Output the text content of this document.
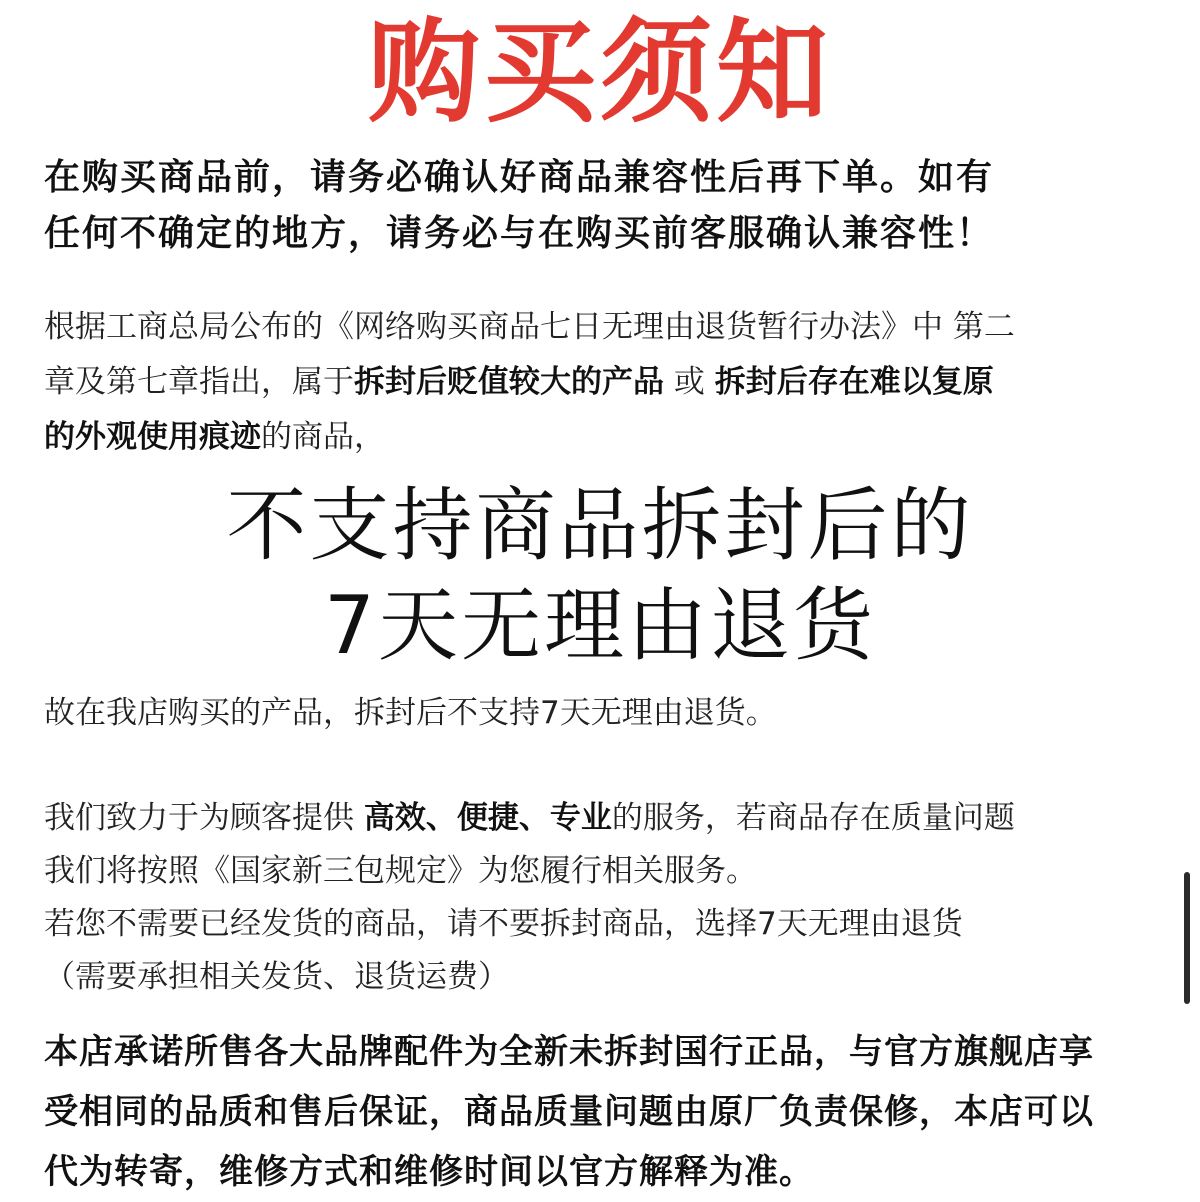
购买须知
在购买商品前，请务必确认好商品兼容性后再下单。如有
任何不确定的地方，请务必与在购买前客服确认兼容性！
根据工商总局公布的《网络购买商品七日无理由退货暂行办法》中 第二
章及第七章指出，属于拆封后贬值较大的产品 或 拆封后存在难以复原
的外观使用痕迹的商品，
不支持商品拆封后的
7天无理由退货
故在我店购买的产品，拆封后不支持7天无理由退货。
我们致力于为顾客提供 高效、便捷、专业的服务，若商品存在质量问题
我们将按照《国家新三包规定》为您履行相关服务。
若您不需要已经发货的商品，请不要拆封商品，选择7天无理由退货
（需要承担相关发货、退货运费）
本店承诺所售各大品牌配件为全新未拆封国行正品，与官方旗舰店享
受相同的品质和售后保证，商品质量问题由原厂负责保修，本店可以
代为转寄，维修方式和维修时间以官方解释为准。
